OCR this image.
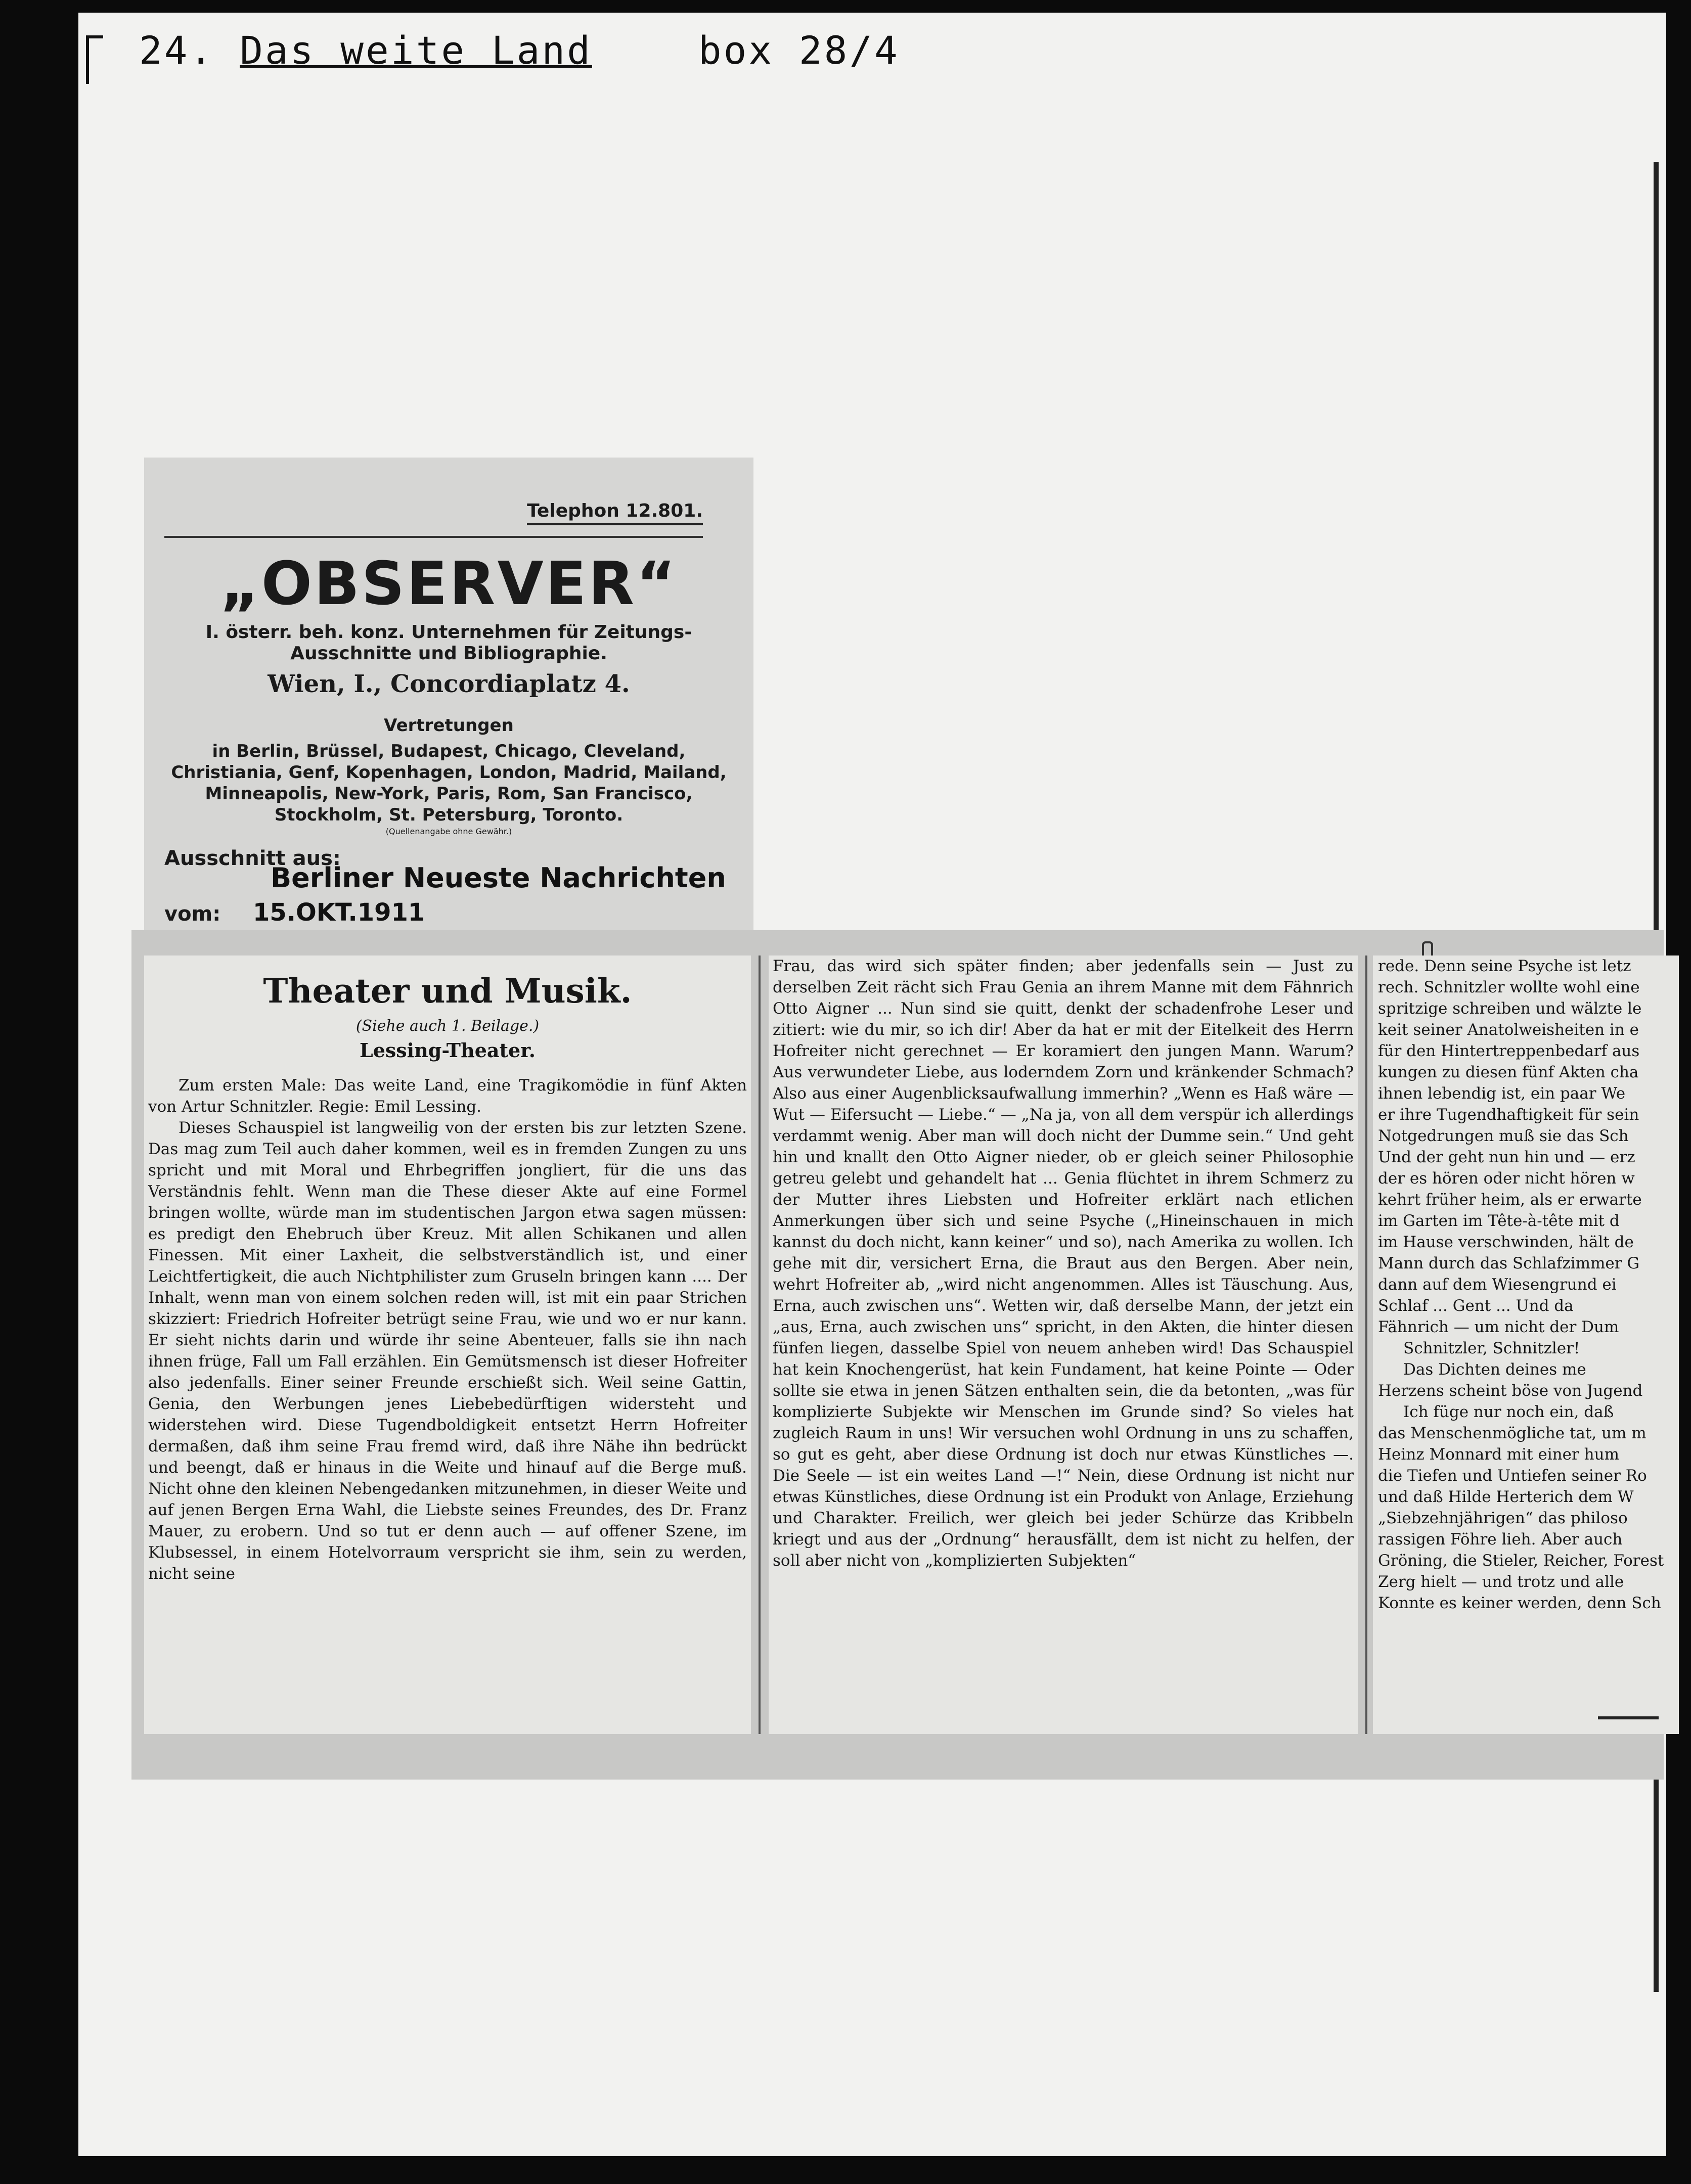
24. Das weite Land	box 28/4
Telephon 12.801.
„OBSERVER“
I. österr. beh. konz. Unternehmen für Zeitungs-Ausschnitte und Bibliographie.
Wien, I., Concordiaplatz 4.
Vertretungen
in Berlin, Brüssel, Budapest, Chicago, Cleveland, Christiania, Genf, Kopenhagen, London, Madrid, Mailand, Minneapolis, New-York, Paris, Rom, San Francisco, Stockholm, St. Petersburg, Toronto.
(Quellenangabe ohne Gewähr.)
Ausschnitt aus:
Berliner Neueste Nachrichten
vom: 15.OKT.1911
Theater und Musik.
(Siehe auch 1. Beilage.)
Lessing-Theater.

Zum ersten Male: Das weite Land, eine Tragikomödie in fünf Akten von Artur Schnitzler. Regie: Emil Lessing.

Dieses Schauspiel ist langweilig von der ersten bis zur letzten Szene. Das mag zum Teil auch daher kommen, weil es in fremden Zungen zu uns spricht und mit Moral und Ehrbegriffen jongliert, für die uns das Verständnis fehlt. Wenn man die These dieser Akte auf eine Formel bringen wollte, würde man im studentischen Jargon etwa sagen müssen: es predigt den Ehebruch über Kreuz. Mit allen Schikanen und allen Finessen. Mit einer Laxheit, die selbstverständlich ist, und einer Leichtfertigkeit, die auch Nichtphilister zum Gruseln bringen kann .... Der Inhalt, wenn man von einem solchen reden will, ist mit ein paar Strichen skizziert: Friedrich Hofreiter betrügt seine Frau, wie und wo er nur kann. Er sieht nichts darin und würde ihr seine Abenteuer, falls sie ihn nach ihnen früge, Fall um Fall erzählen. Ein Gemütsmensch ist dieser Hofreiter also jedenfalls. Einer seiner Freunde erschießt sich. Weil seine Gattin, Genia, den Werbungen jenes Liebebedürftigen widersteht und widerstehen wird. Diese Tugendboldigkeit entsetzt Herrn Hofreiter dermaßen, daß ihm seine Frau fremd wird, daß ihre Nähe ihn bedrückt und beengt, daß er hinaus in die Weite und hinauf auf die Berge muß. Nicht ohne den kleinen Nebengedanken mitzunehmen, in dieser Weite und auf jenen Bergen Erna Wahl, die Liebste seines Freundes, des Dr. Franz Mauer, zu erobern. Und so tut er denn auch — auf offener Szene, im Klubsessel, in einem Hotelvorraum verspricht sie ihm, sein zu werden, nicht seine

Frau, das wird sich später finden; aber jedenfalls sein — Just zu derselben Zeit rächt sich Frau Genia an ihrem Manne mit dem Fähnrich Otto Aigner ... Nun sind sie quitt, denkt der schadenfrohe Leser und zitiert: wie du mir, so ich dir! Aber da hat er mit der Eitelkeit des Herrn Hofreiter nicht gerechnet — Er koramiert den jungen Mann. Warum? Aus verwundeter Liebe, aus loderndem Zorn und kränkender Schmach? Also aus einer Augenblicksaufwallung immerhin? „Wenn es Haß wäre — Wut — Eifersucht — Liebe.“ — „Na ja, von all dem verspür ich allerdings verdammt wenig. Aber man will doch nicht der Dumme sein.“ Und geht hin und knallt den Otto Aigner nieder, ob er gleich seiner Philosophie getreu gelebt und gehandelt hat ... Genia flüchtet in ihrem Schmerz zu der Mutter ihres Liebsten und Hofreiter erklärt nach etlichen Anmerkungen über sich und seine Psyche („Hineinschauen in mich kannst du doch nicht, kann keiner“ und so), nach Amerika zu wollen. Ich gehe mit dir, versichert Erna, die Braut aus den Bergen. Aber nein, wehrt Hofreiter ab, „wird nicht angenommen. Alles ist Täuschung. Aus, Erna, auch zwischen uns“. Wetten wir, daß derselbe Mann, der jetzt ein „aus, Erna, auch zwischen uns“ spricht, in den Akten, die hinter diesen fünfen liegen, dasselbe Spiel von neuem anheben wird! Das Schauspiel hat kein Knochengerüst, hat kein Fundament, hat keine Pointe — Oder sollte sie etwa in jenen Sätzen enthalten sein, die da betonten, „was für komplizierte Subjekte wir Menschen im Grunde sind? So vieles hat zugleich Raum in uns! Wir versuchen wohl Ordnung in uns zu schaffen, so gut es geht, aber diese Ordnung ist doch nur etwas Künstliches —. Die Seele — ist ein weites Land —!“ Nein, diese Ordnung ist nicht nur etwas Künstliches, diese Ordnung ist ein Produkt von Anlage, Erziehung und Charakter. Freilich, wer gleich bei jeder Schürze das Kribbeln kriegt und aus der „Ordnung“ herausfällt, dem ist nicht zu helfen, der soll aber nicht von „komplizierten Subjekten“

rede. Denn seine Psyche ist letz

rech. Schnitzler wollte wohl eine

spritzige schreiben und wälzte le

keit seiner Anatolweisheiten in e

für den Hintertreppenbedarf aus

kungen zu diesen fünf Akten cha

ihnen lebendig ist, ein paar We

er ihre Tugendhaftigkeit für sein

Notgedrungen muß sie das Sch

Und der geht nun hin und — erz

der es hören oder nicht hören w

kehrt früher heim, als er erwarte

im Garten im Tête-à-tête mit d

im Hause verschwinden, hält de

Mann durch das Schlafzimmer G

dann auf dem Wiesengrund ei

Schlaf ... Gent ... Und da

Fähnrich — um nicht der Dum

Schnitzler, Schnitzler!

Das Dichten deines me

Herzens scheint böse von Jugend

Ich füge nur noch ein, daß

das Menschenmögliche tat, um m

Heinz Monnard mit einer hum

die Tiefen und Untiefen seiner Ro

und daß Hilde Herterich dem W

„Siebzehnjährigen“ das philoso

rassigen Föhre lieh. Aber auch

Gröning, die Stieler, Reicher, Forest

Zerg hielt — und trotz und alle

Konnte es keiner werden, denn Sch
